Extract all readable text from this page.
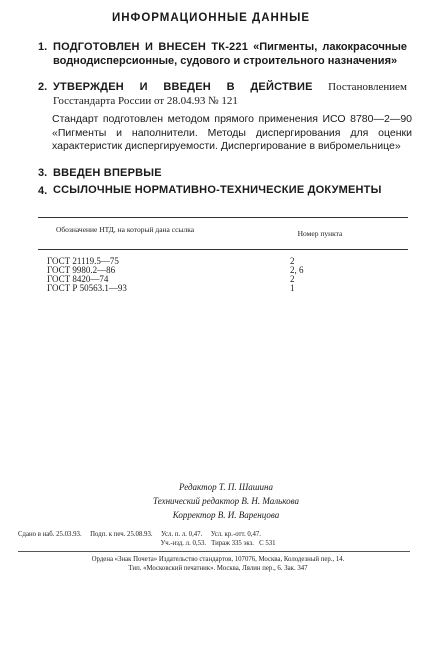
ИНФОРМАЦИОННЫЕ ДАННЫЕ
1. ПОДГОТОВЛЕН И ВНЕСЕН ТК-221 «Пигменты, лакокрасочные воднодисперсионные, судового и строительного назначения»
2. УТВЕРЖДЕН И ВВЕДЕН В ДЕЙСТВИЕ Постановлением Госстандарта России от 28.04.93 № 121
Стандарт подготовлен методом прямого применения ИСО 8780—2—90 «Пигменты и наполнители. Методы диспергирования для оценки характеристик диспергируемости. Диспергирование в вибромельнице»
3. ВВЕДЕН ВПЕРВЫЕ
4. ССЫЛОЧНЫЕ НОРМАТИВНО-ТЕХНИЧЕСКИЕ ДОКУМЕНТЫ
Обозначение НТД, на который дана ссылка	Номер пункта
ГОСТ 21119.5—75	2
ГОСТ 9980.2—86	2, 6
ГОСТ 8420—74	2
ГОСТ Р 50563.1—93	1
Редактор Т. П. Шашина
Технический редактор В. Н. Малькова
Корректор В. И. Варенцова
Сдано в наб. 25.03.93.     Подп. к печ. 25.08.93.     Усл. п. л. 0,47.     Усл. кр.-отт. 0,47.
Уч.-изд. л. 0,53.   Тираж 335 экз.   С 531
Ордена «Знак Почета» Издательство стандартов, 107076, Москва, Колодезный пер., 14.
Тип. «Московский печатник». Москва, Лялин пер., 6. Зак. 347
